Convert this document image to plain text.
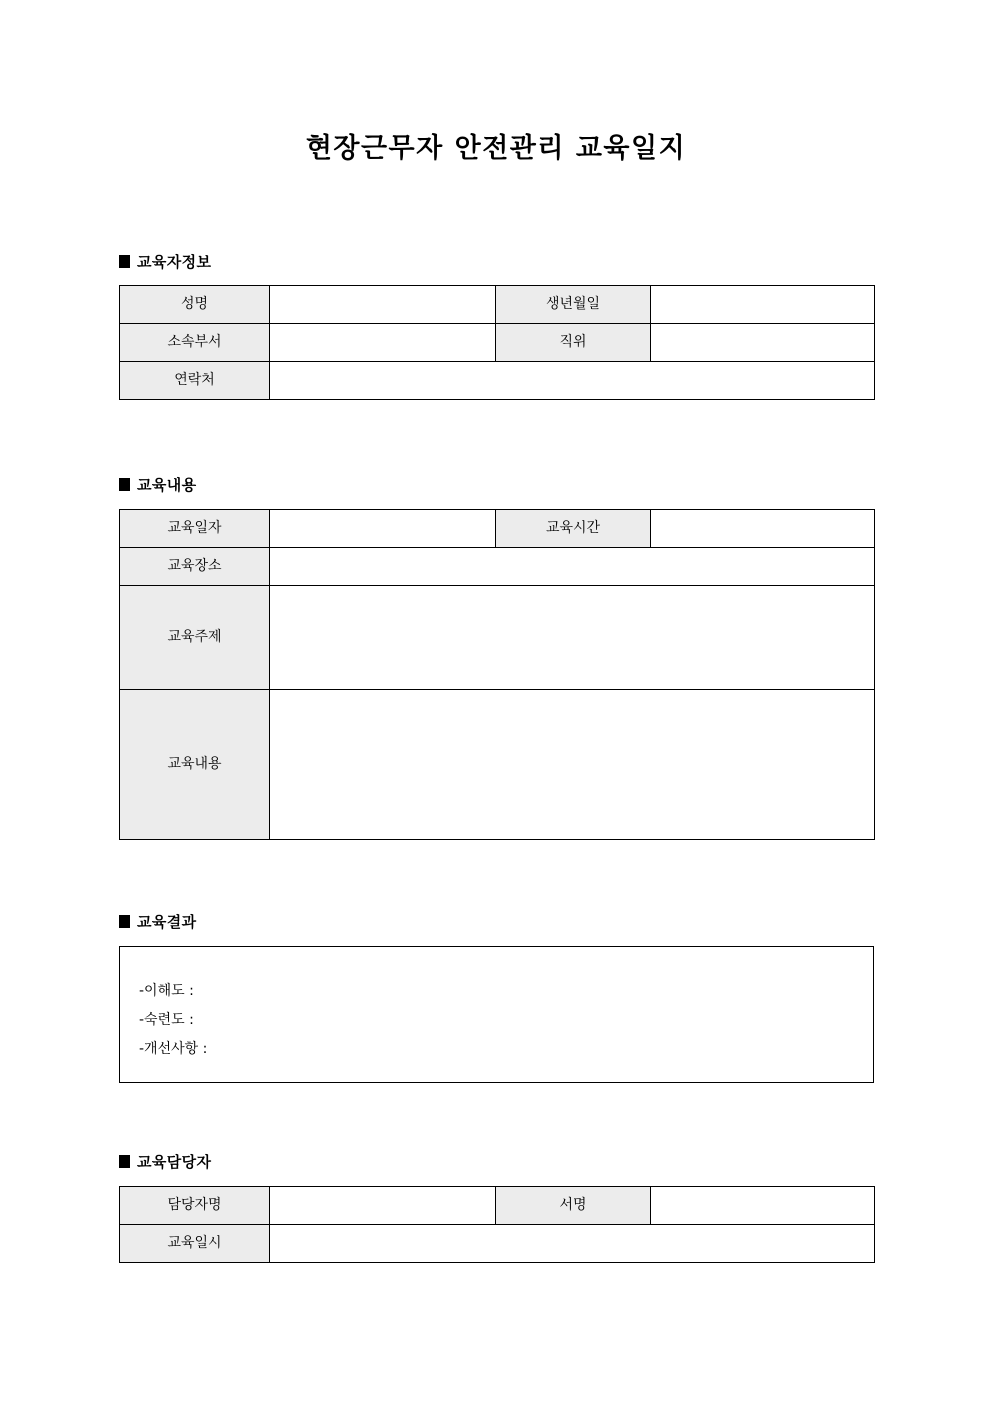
현장근무자 안전관리 교육일지
교육자정보
성명		생년월일	
소속부서		직위	
연락처			
교육내용
교육일자		교육시간	
교육장소			
교육주제			
교육내용			
교육결과
-이해도 :
-숙련도 :
-개선사항 :
교육담당자
담당자명		서명	
교육일시			
